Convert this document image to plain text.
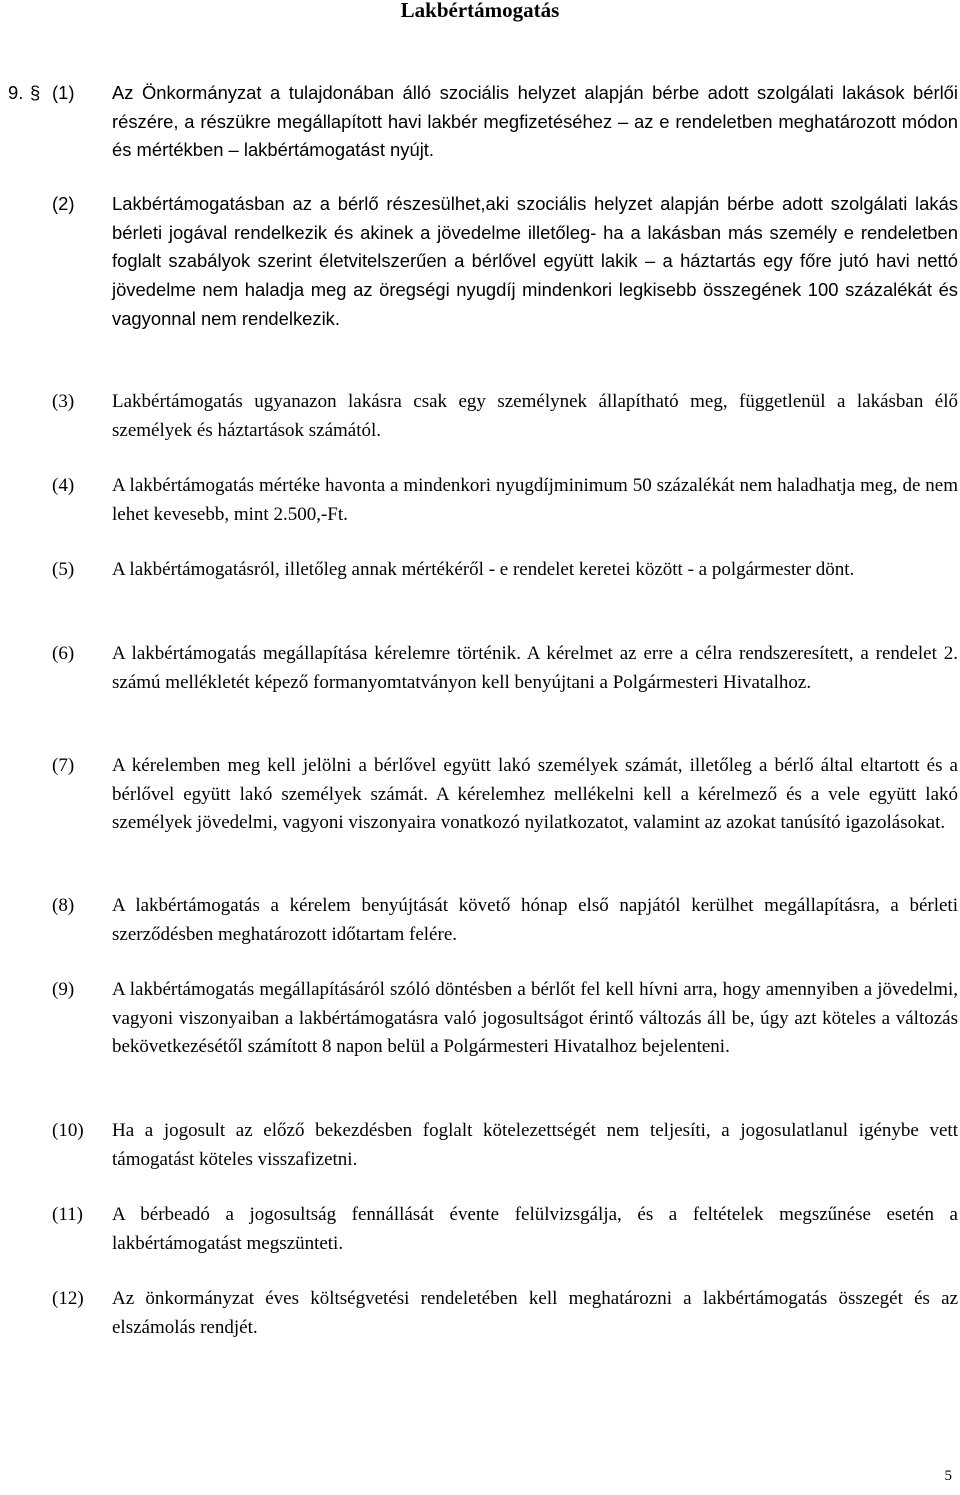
Lakbértámogatás
9. § (1)	Az Önkormányzat a tulajdonában álló szociális helyzet alapján bérbe adott szolgálati lakások bérlői részére, a részükre megállapított havi lakbér megfizetéséhez – az e rendeletben meghatározott módon és mértékben – lakbértámogatást nyújt.
(2)	Lakbértámogatásban az a bérlő részesülhet,aki szociális helyzet alapján bérbe adott szolgálati lakás bérleti jogával rendelkezik és akinek a jövedelme illetőleg- ha a lakásban más személy e rendeletben foglalt szabályok szerint életvitelszerűen a bérlővel együtt lakik – a háztartás egy főre jutó havi nettó jövedelme nem haladja meg az öregségi nyugdíj mindenkori legkisebb összegének 100 százalékát és vagyonnal nem rendelkezik.
(3)	Lakbértámogatás ugyanazon lakásra csak egy személynek állapítható meg, függetlenül a lakásban élő személyek és háztartások számától.
(4)	A lakbértámogatás mértéke havonta a mindenkori nyugdíjminimum 50 százalékát nem haladhatja meg, de nem lehet kevesebb, mint 2.500,-Ft.
(5)	A lakbértámogatásról, illetőleg annak mértékéről - e rendelet keretei között - a polgármester dönt.
(6)	A lakbértámogatás megállapítása kérelemre történik. A kérelmet az erre a célra rendszeresített, a rendelet 2. számú mellékletét képező formanyomtatványon kell benyújtani a Polgármesteri Hivatalhoz.
(7)	A kérelemben meg kell jelölni a bérlővel együtt lakó személyek számát, illetőleg a bérlő által eltartott és a bérlővel együtt lakó személyek számát. A kérelemhez mellékelni kell a kérelmező és a vele együtt lakó személyek jövedelmi, vagyoni viszonyaira vonatkozó nyilatkozatot, valamint az azokat tanúsító igazolásokat.
(8)	A lakbértámogatás a kérelem benyújtását követő hónap első napjától kerülhet megállapításra, a bérleti szerződésben meghatározott időtartam felére.
(9)	A lakbértámogatás megállapításáról szóló döntésben a bérlőt fel kell hívni arra, hogy amennyiben a jövedelmi, vagyoni viszonyaiban a lakbértámogatásra való jogosultságot érintő változás áll be, úgy azt köteles a változás bekövetkezésétől számított 8 napon belül a Polgármesteri Hivatalhoz bejelenteni.
(10)	Ha a jogosult az előző bekezdésben foglalt kötelezettségét nem teljesíti, a jogosulatlanul igénybe vett támogatást köteles visszafizetni.
(11)	A bérbeadó a jogosultság fennállását évente felülvizsgálja, és a feltételek megszűnése esetén a lakbértámogatást megszünteti.
(12)	Az önkormányzat éves költségvetési rendeletében kell meghatározni a lakbértámogatás összegét és az elszámolás rendjét.
5
